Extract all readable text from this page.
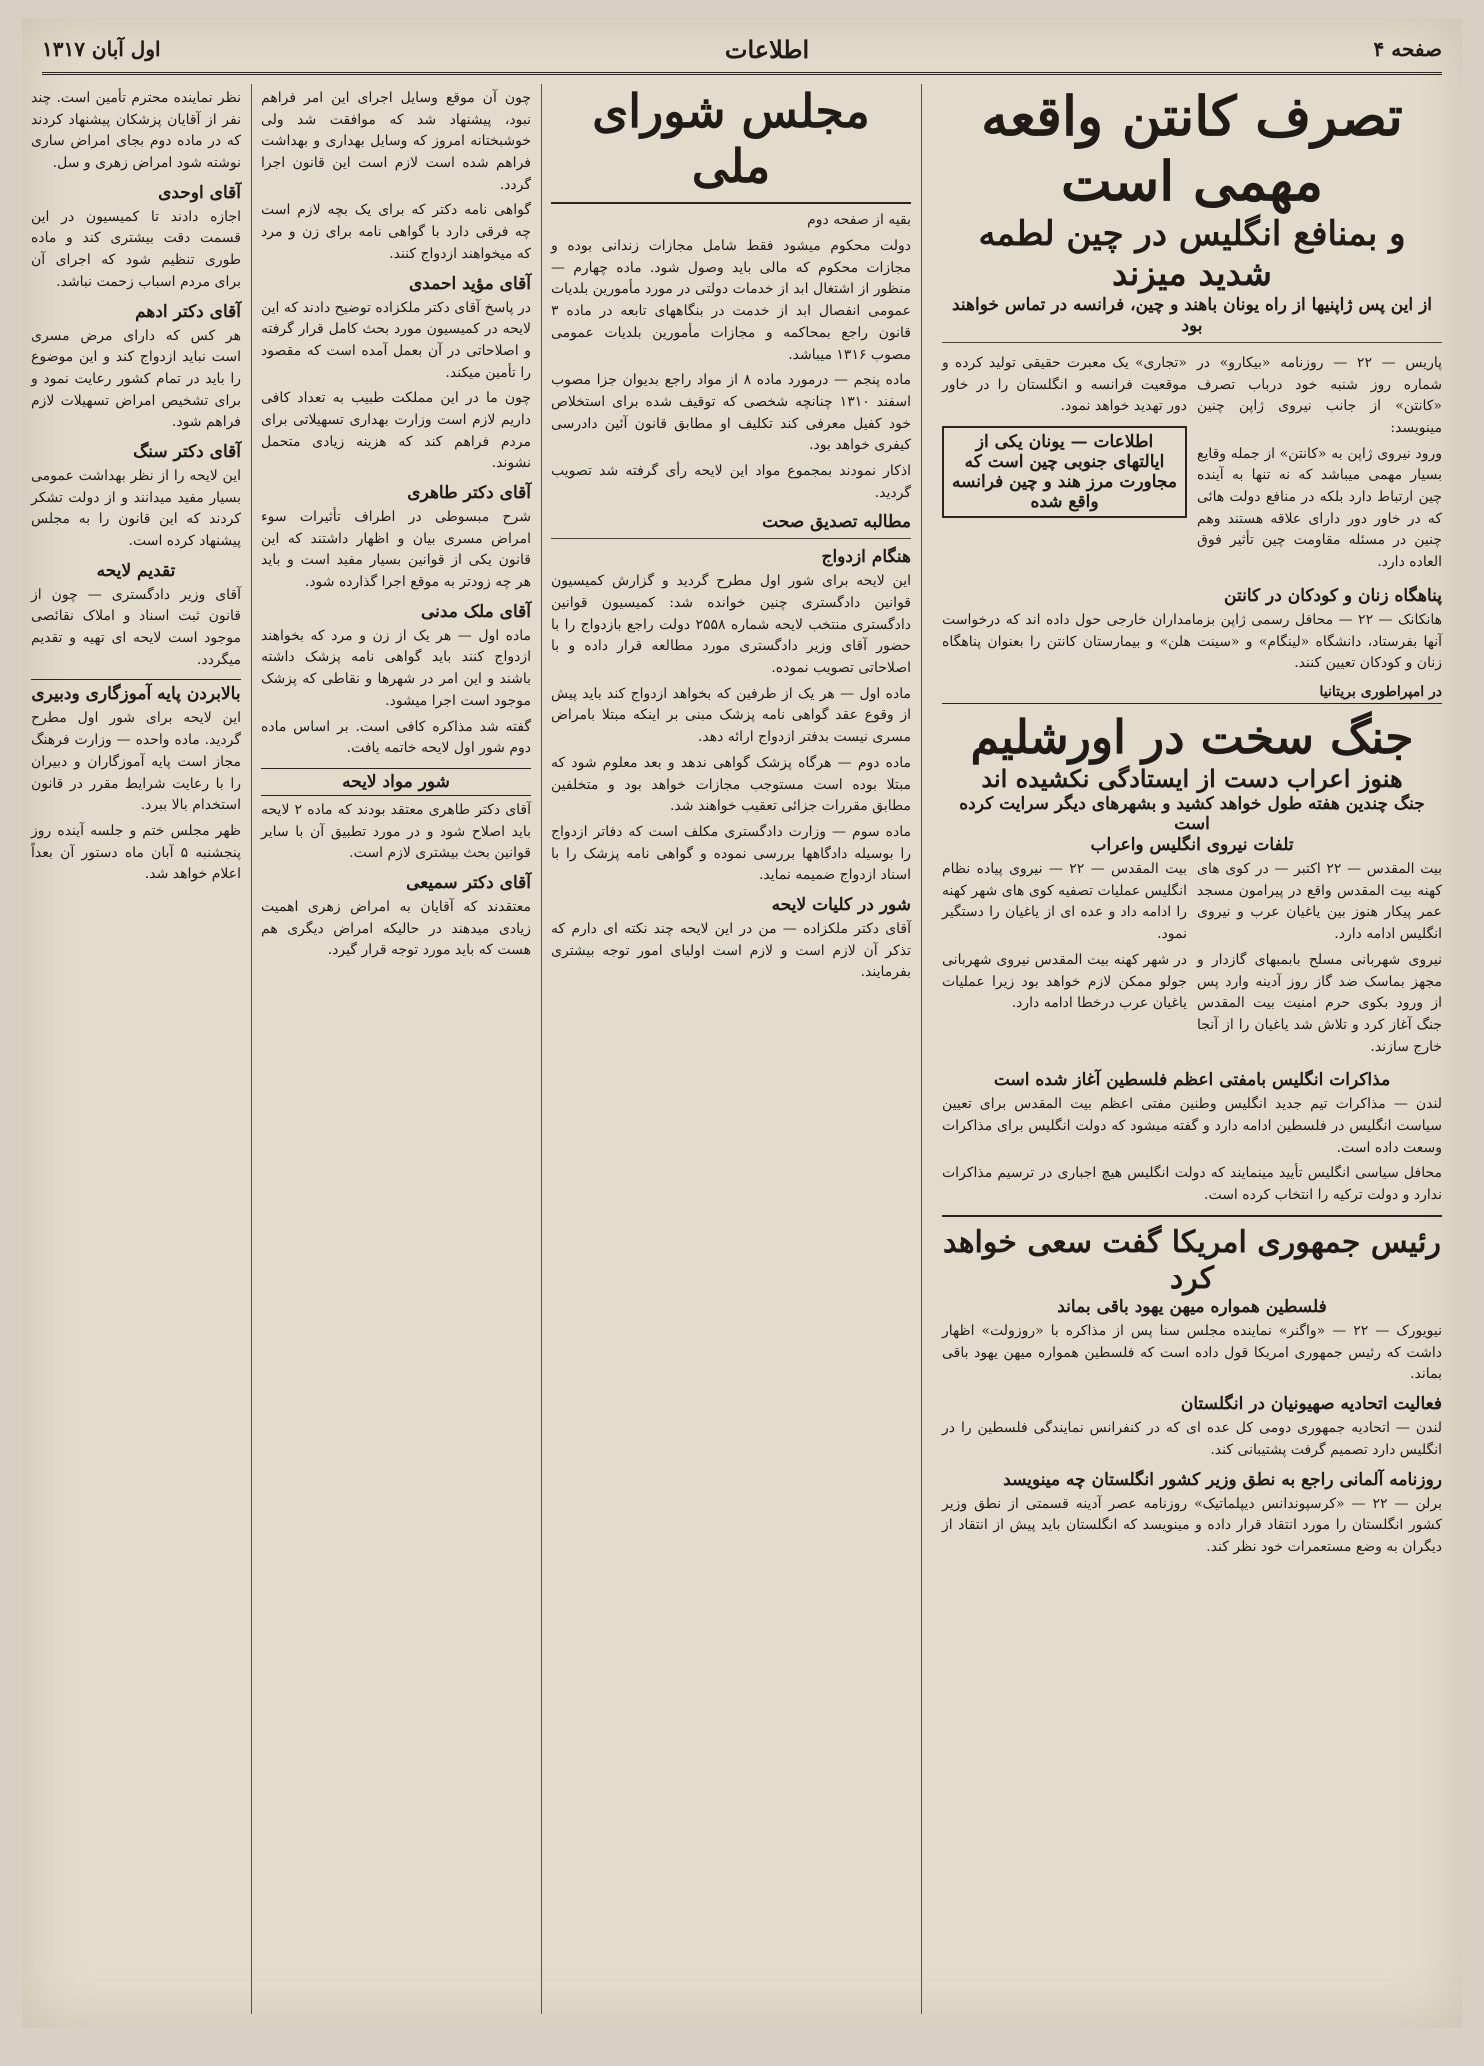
اول آبان ۱۳۱۷	اطلاعات	صفحه ۴
تصرف کانتن واقعه مهمی است
و بمنافع انگلیس در چین لطمه شدید میزند
از این پس ژاپنیها از راه یونان باهند و چین، فرانسه در تماس خواهند بود

پاریس — ۲۲ — روزنامه «بیکارو» در شماره روز شنبه خود درباب تصرف «کانتن» از جانب نیروی ژاپن چنین مینویسد:

ورود نیروی ژاپن به «کانتن» از جمله وقایع بسیار مهمی میباشد که نه تنها به آینده چین ارتباط دارد بلکه در منافع دولت هائی که در خاور دور دارای علاقه هستند وهم چنین در مسئله مقاومت چین تأثیر فوق العاده دارد.

«تجاری» یک معبرت حقیقی تولید کرده و موقعیت فرانسه و انگلستان را در خاور دور تهدید خواهد نمود.

اطلاعات — یونان یکی از ایالتهای جنوبی چین است که مجاورت مرز هند و چین فرانسه واقع شده
پناهگاه زنان و کودکان در کانتن

هانکانک — ۲۲ — محافل رسمی ژاپن بزمامداران خارجی حول داده اند که درخواست آنها بفرستاد، دانشگاه «لینگام» و «سینت هلن» و بیمارستان کانتن را بعنوان پناهگاه زنان و کودکان تعیین کنند.

در امپراطوری بریتانیا
جنگ سخت در اورشلیم
هنوز اعراب دست از ایستادگی نکشیده اند
جنگ چندین هفته طول خواهد کشید و بشهرهای دیگر سرایت کرده است
تلفات نیروی انگلیس واعراب

بیت المقدس — ۲۲ اکتبر — در کوی های کهنه بیت المقدس واقع در پیرامون مسجد عمر پیکار هنوز بین یاغیان عرب و نیروی انگلیس ادامه دارد.

نیروی شهربانی مسلح بابمبهای گازدار و مجهز بماسک ضد گاز روز آدینه وارد پس از ورود بکوی حرم امنیت بیت المقدس جنگ آغاز کرد و تلاش شد یاغیان را از آنجا خارج سازند.

بیت المقدس — ۲۲ — نیروی پیاده نظام انگلیس عملیات تصفیه کوی های شهر کهنه را ادامه داد و عده ای از یاغیان را دستگیر نمود.

در شهر کهنه بیت المقدس نیروی شهربانی جولو ممکن لازم خواهد بود زیرا عملیات یاغیان عرب درخطا ادامه دارد.

مذاکرات انگلیس بامفتی اعظم فلسطین آغاز شده است

لندن — مذاکرات تیم جدید انگلیس وطنین مفتی اعظم بیت المقدس برای تعیین سیاست انگلیس در فلسطین ادامه دارد و گفته میشود که دولت انگلیس برای مذاکرات وسعت داده است.

محافل سیاسی انگلیس تأیید مینمایند که دولت انگلیس هیچ اجباری در ترسیم مذاکرات ندارد و دولت ترکیه را انتخاب کرده است.

رئیس جمهوری امریکا گفت سعی خواهد کرد
فلسطین همواره میهن یهود باقی بماند

نیویورک — ۲۲ — «واگنر» نماینده مجلس سنا پس از مذاکره با «روزولت» اظهار داشت که رئیس جمهوری امریکا قول داده است که فلسطین همواره میهن یهود باقی بماند.

فعالیت اتحادیه صهیونیان در انگلستان

لندن — اتحادیه جمهوری دومی کل عده ای که در کنفرانس نمایندگی فلسطین را در انگلیس دارد تصمیم گرفت پشتیبانی کند.

روزنامه آلمانی راجع به نطق وزیر کشور انگلستان چه مینویسد

برلن — ۲۲ — «کرسپوندانس دیپلماتیک» روزنامه عصر آدینه قسمتی از نطق وزیر کشور انگلستان را مورد انتقاد قرار داده و مینویسد که انگلستان باید پیش از انتقاد از دیگران به وضع مستعمرات خود نظر کند.

مجلس شورای ملی
بقیه از صفحه دوم

دولت محکوم میشود فقط شامل مجازات زندانی بوده و مجازات محکوم که مالی باید وصول شود. ماده چهارم — منظور از اشتغال ابد از خدمات دولتی در مورد مأمورین بلدیات عمومی انفصال ابد از خدمت در بنگاههای تابعه در ماده ۳ قانون راجع بمحاکمه و مجازات مأمورین بلدیات عمومی مصوب ۱۳۱۶ میباشد.

ماده پنجم — درمورد ماده ۸ از مواد راجع بدیوان جزا مصوب اسفند ۱۳۱۰ چنانچه شخصی که توقیف شده برای استخلاص خود کفیل معرفی کند تکلیف او مطابق قانون آئین دادرسی کیفری خواهد بود.

اذکار نمودند بمجموع مواد این لایحه رأی گرفته شد تصویب گردید.

مطالبه تصدیق صحت
هنگام ازدواج

این لایحه برای شور اول مطرح گردید و گزارش کمیسیون قوانین دادگستری چنین خوانده شد: کمیسیون قوانین دادگستری منتخب لایحه شماره ۲۵۵۸ دولت راجع بازدواج را با حضور آقای وزیر دادگستری مورد مطالعه قرار داده و با اصلاحاتی تصویب نموده.

ماده اول — هر یک از طرفین که بخواهد ازدواج کند باید پیش از وقوع عقد گواهی نامه پزشک مبنی بر اینکه مبتلا بامراض مسری نیست بدفتر ازدواج ارائه دهد.

ماده دوم — هرگاه پزشک گواهی ندهد و بعد معلوم شود که مبتلا بوده است مستوجب مجازات خواهد بود و متخلفین مطابق مقررات جزائی تعقیب خواهند شد.

ماده سوم — وزارت دادگستری مکلف است که دفاتر ازدواج را بوسیله دادگاهها بررسی نموده و گواهی نامه پزشک را با اسناد ازدواج ضمیمه نماید.

شور در کلیات لایحه

آقای دکتر ملکزاده — من در این لایحه چند نکته ای دارم که تذکر آن لازم است و لازم است اولیای امور توجه بیشتری بفرمایند.

چون آن موقع وسایل اجرای این امر فراهم نبود، پیشنهاد شد که موافقت شد ولی خوشبختانه امروز که وسایل بهداری و بهداشت فراهم شده است لازم است این قانون اجرا گردد.

گواهی نامه دکتر که برای یک بچه لازم است چه فرقی دارد با گواهی نامه برای زن و مرد که میخواهند ازدواج کنند.

آقای مؤید احمدی

در پاسخ آقای دکتر ملکزاده توضیح دادند که این لایحه در کمیسیون مورد بحث کامل قرار گرفته و اصلاحاتی در آن بعمل آمده است که مقصود را تأمین میکند.

چون ما در این مملکت طبیب به تعداد کافی داریم لازم است وزارت بهداری تسهیلاتی برای مردم فراهم کند که هزینه زیادی متحمل نشوند.

آقای دکتر طاهری

شرح مبسوطی در اطراف تأثیرات سوء امراض مسری بیان و اظهار داشتند که این قانون یکی از قوانین بسیار مفید است و باید هر چه زودتر به موقع اجرا گذارده شود.

آقای ملک مدنی

ماده اول — هر یک از زن و مرد که بخواهند ازدواج کنند باید گواهی نامه پزشک داشته باشند و این امر در شهرها و نقاطی که پزشک موجود است اجرا میشود.

گفته شد مذاکره کافی است. بر اساس ماده دوم شور اول لایحه خاتمه یافت.

شور مواد لایحه

آقای دکتر طاهری معتقد بودند که ماده ۲ لایحه باید اصلاح شود و در مورد تطبیق آن با سایر قوانین بحث بیشتری لازم است.

آقای دکتر سمیعی

معتقدند که آقایان به امراض زهری اهمیت زیادی میدهند در حالیکه امراض دیگری هم هست که باید مورد توجه قرار گیرد.

نظر نماینده محترم تأمین است. چند نفر از آقایان پزشکان پیشنهاد کردند که در ماده دوم بجای امراض ساری نوشته شود امراض زهری و سل.

آقای اوحدی

اجازه دادند تا کمیسیون در این قسمت دقت بیشتری کند و ماده طوری تنظیم شود که اجرای آن برای مردم اسباب زحمت نباشد.

آقای دکتر ادهم

هر کس که دارای مرض مسری است نباید ازدواج کند و این موضوع را باید در تمام کشور رعایت نمود و برای تشخیص امراض تسهیلات لازم فراهم شود.

آقای دکتر سنگ

این لایحه را از نظر بهداشت عمومی بسیار مفید میدانند و از دولت تشکر کردند که این قانون را به مجلس پیشنهاد کرده است.

تقدیم لایحه

آقای وزیر دادگستری — چون از قانون ثبت اسناد و املاک نقائصی موجود است لایحه ای تهیه و تقدیم میگردد.

بالابردن پایه آموزگاری ودبیری

این لایحه برای شور اول مطرح گردید. ماده واحده — وزارت فرهنگ مجاز است پایه آموزگاران و دبیران را با رعایت شرایط مقرر در قانون استخدام بالا ببرد.

ظهر مجلس ختم و جلسه آینده روز پنجشنبه ۵ آبان ماه دستور آن بعداً اعلام خواهد شد.
